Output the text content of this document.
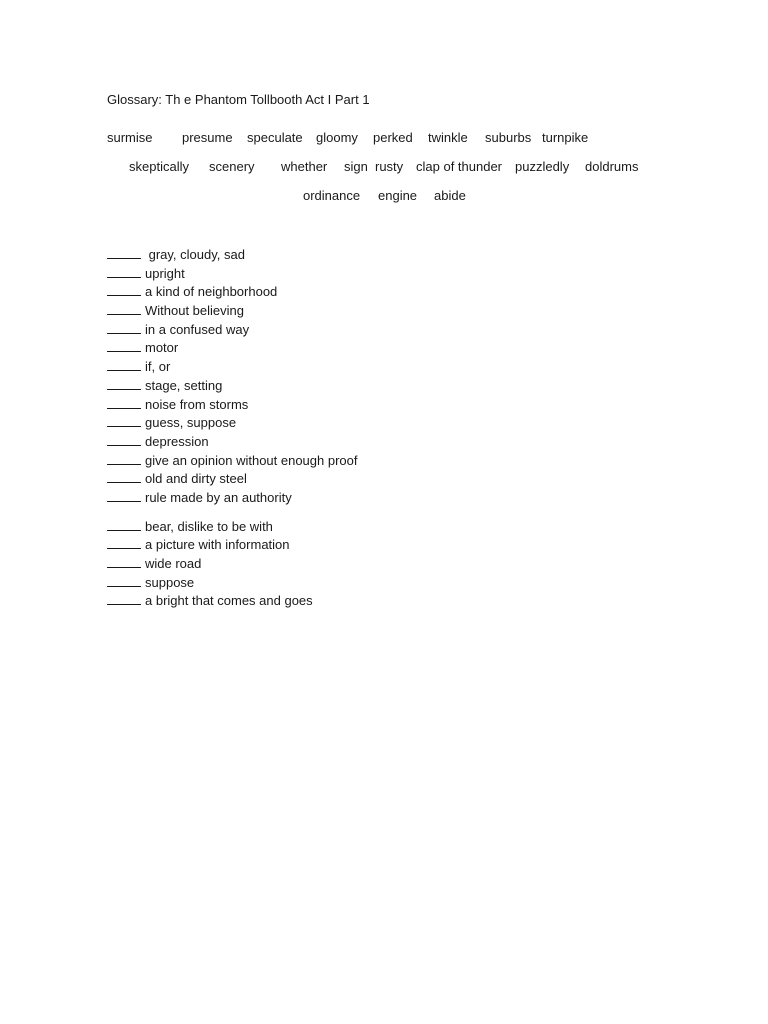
Glossary: Th e Phantom Tollbooth Act I Part 1
surmise presume speculate gloomy perked twinkle suburbs turnpike
skeptically scenery whether sign rusty clap of thunder puzzledly doldrums
ordinance engine abide
gray, cloudy, sad
upright
a kind of neighborhood
Without believing
in a confused way
motor
if, or
stage, setting
noise from storms
guess, suppose
depression
give an opinion without enough proof
old and dirty steel
rule made by an authority
bear, dislike to be with
a picture with information
wide road
suppose
a bright that comes and goes
